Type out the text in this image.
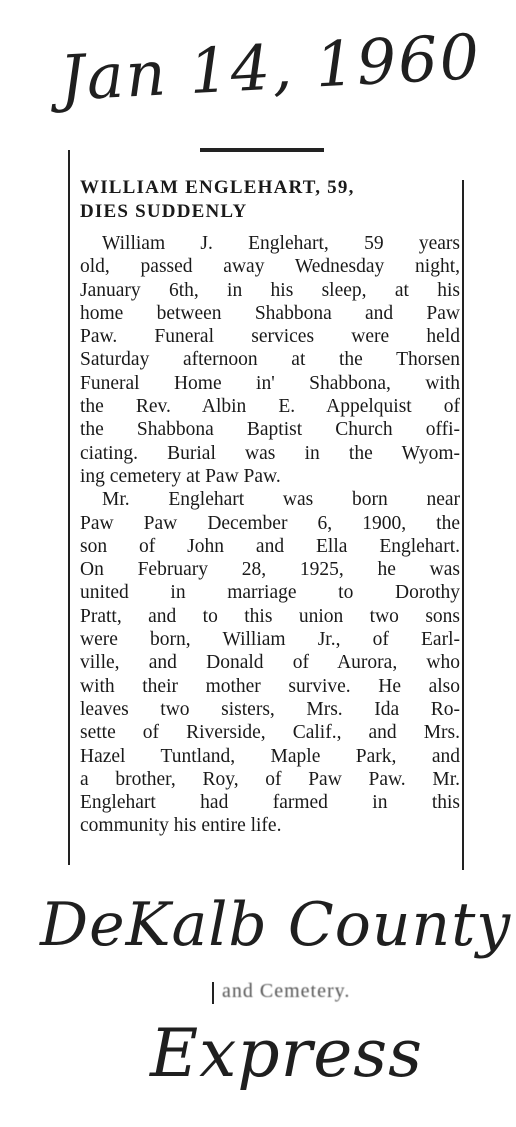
Jan 14, 1960
WILLIAM ENGLEHART, 59,
DIES SUDDENLY

William J. Englehart, 59 years
old, passed away Wednesday night,
January 6th, in his sleep, at his
home between Shabbona and Paw
Paw. Funeral services were held
Saturday afternoon at the Thorsen
Funeral Home in' Shabbona, with
the Rev. Albin E. Appelquist of
the Shabbona Baptist Church offi-
ciating. Burial was in the Wyom-
ing cemetery at Paw Paw.

Mr. Englehart was born near
Paw Paw December 6, 1900, the
son of John and Ella Englehart.
On February 28, 1925, he was
united in marriage to Dorothy
Pratt, and to this union two sons
were born, William Jr., of Earl-
ville, and Donald of Aurora, who
with their mother survive. He also
leaves two sisters, Mrs. Ida Ro-
sette of Riverside, Calif., and Mrs.
Hazel Tuntland, Maple Park, and
a brother, Roy, of Paw Paw. Mr.
Englehart had farmed in this
community his entire life.

DeKalb County
and Cemetery.
Express
